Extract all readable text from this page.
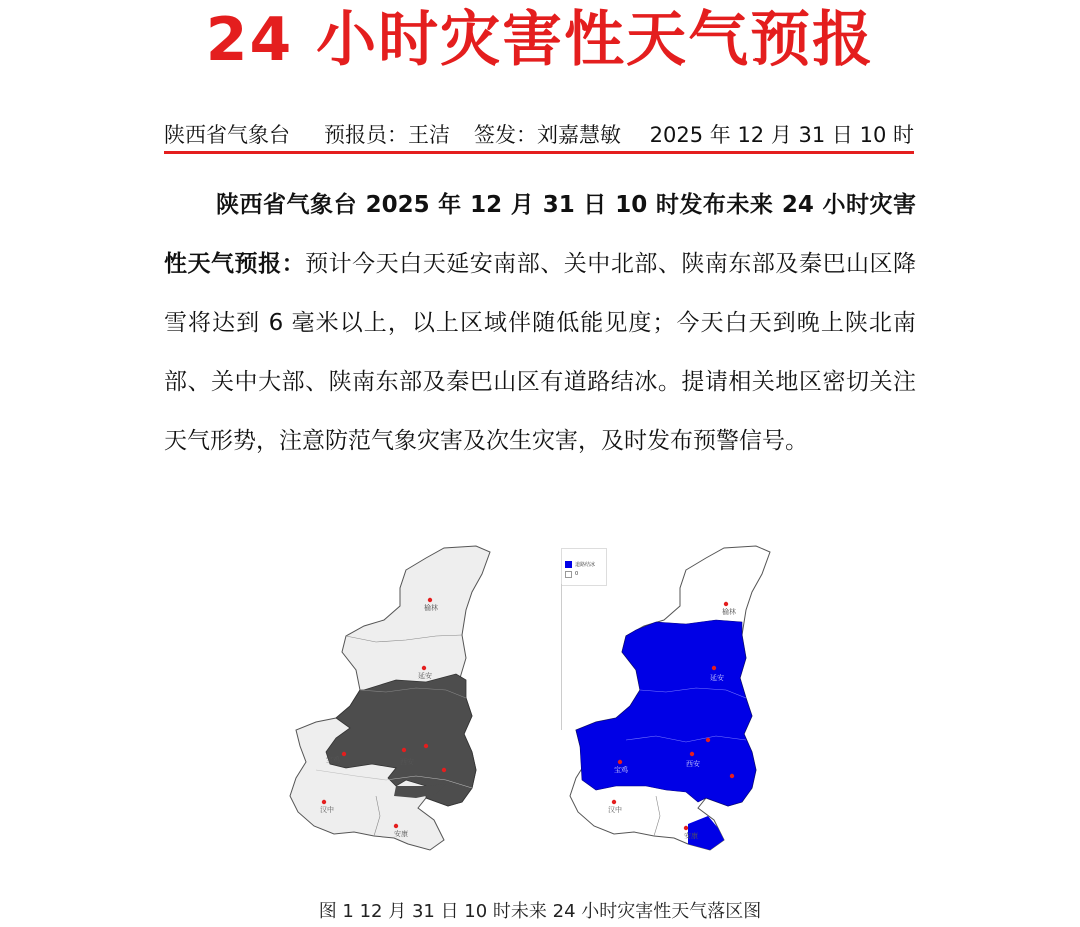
24 小时灾害性天气预报
陕西省气象台 预报员：王洁 签发：刘嘉慧敏 2025 年 12 月 31 日 10 时
陕西省气象台 2025 年 12 月 31 日 10 时发布未来 24 小时灾害性天气预报：预计今天白天延安南部、关中北部、陕南东部及秦巴山区降雪将达到 6 毫米以上，以上区域伴随低能见度；今天白天到晚上陕北南部、关中大部、陕南东部及秦巴山区有道路结冰。提请相关地区密切关注天气形势，注意防范气象灾害及次生灾害，及时发布预警信号。
榆林
延安
宝鸡	西安
汉中
安康
榆林
延安
宝鸡
西安
汉中
安康
道路结冰
0
图 1 12 月 31 日 10 时未来 24 小时灾害性天气落区图
